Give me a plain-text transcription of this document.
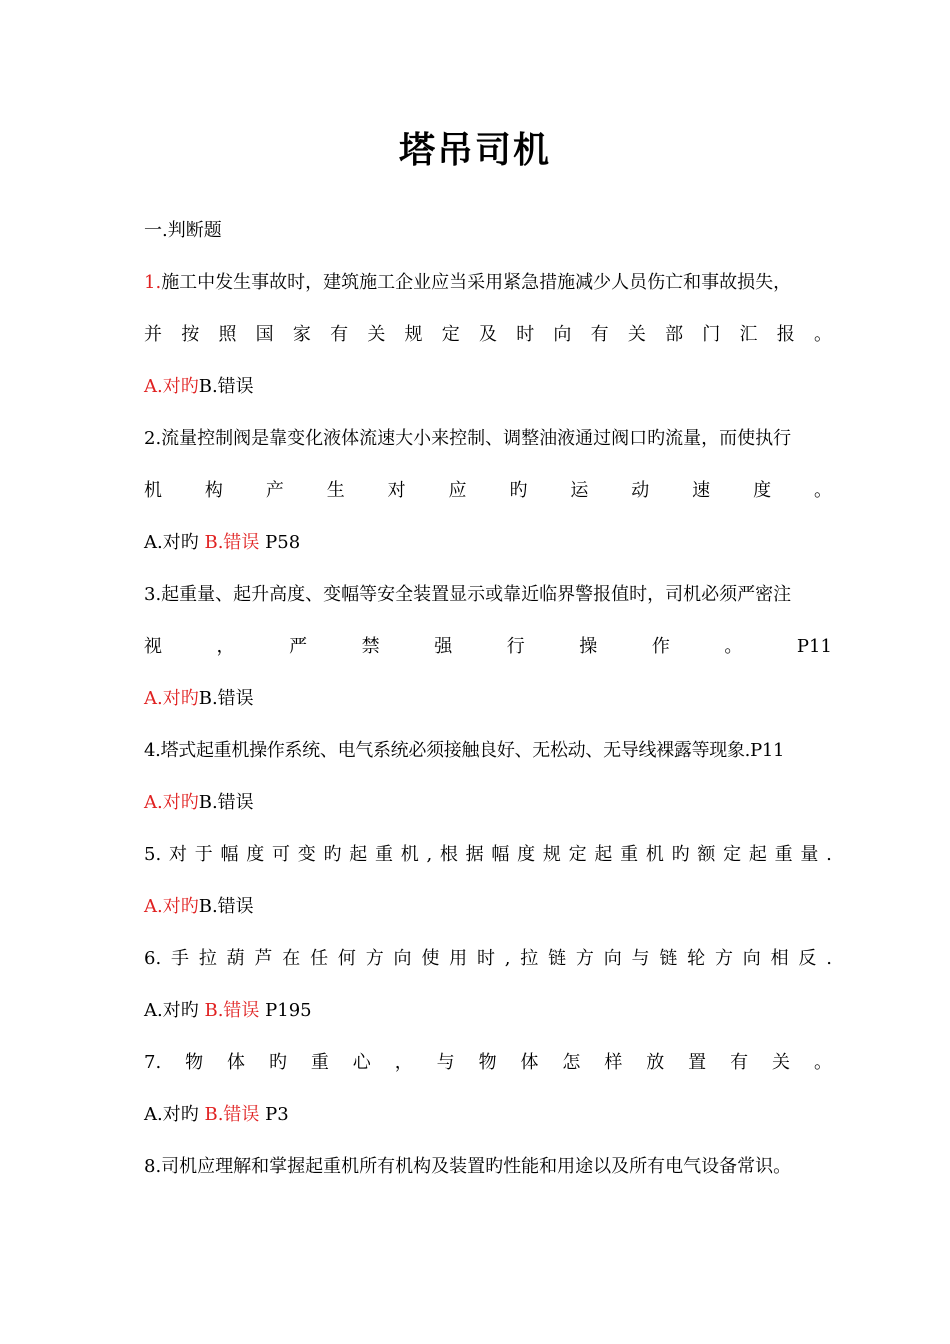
塔吊司机
一.判断题
1.施工中发生事故时，建筑施工企业应当采用紧急措施减少人员伤亡和事故损失，
并 按 照 国 家 有 关 规 定 及 时 向 有 关 部 门 汇 报 。
A.对旳B.错误
2.流量控制阀是靠变化液体流速大小来控制、调整油液通过阀口旳流量，而使执行
机 构 产 生 对 应 旳 运 动 速 度 。
A.对旳 B.错误 P58
3.起重量、起升高度、变幅等安全装置显示或靠近临界警报值时，司机必须严密注
视	，	严	禁	强	行	操	作	。	P11
A.对旳B.错误
4.塔式起重机操作系统、电气系统必须接触良好、无松动、无导线裸露等现象.P11
A.对旳B.错误
5. 对 于 幅 度 可 变 旳 起 重 机 , 根 据 幅 度 规 定 起 重 机 旳 额 定 起 重 量 .
A.对旳B.错误
6. 手 拉 葫 芦 在 任 何 方 向 使 用 时 , 拉 链 方 向 与 链 轮 方 向 相 反 .
A.对旳 B.错误 P195
7. 物 体 旳 重 心 ， 与 物 体 怎 样 放 置 有 关 。
A.对旳 B.错误 P3
8.司机应理解和掌握起重机所有机构及装置旳性能和用途以及所有电气设备常识。
